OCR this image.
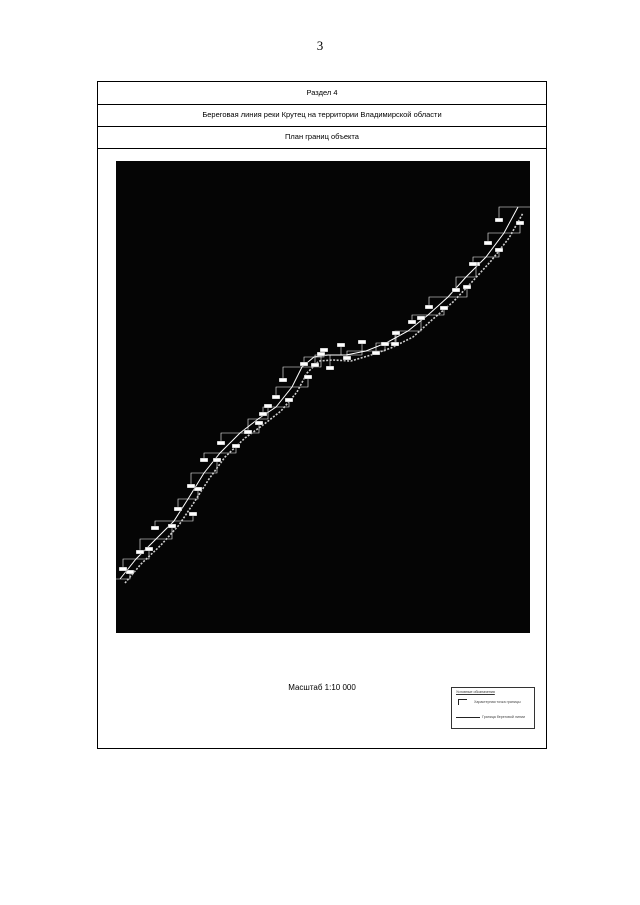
3
Раздел 4
Береговая линия реки Крутец на территории Владимирской области
План границ объекта
Масштаб 1:10 000	Условные обозначения
Характерная точка границы
Граница береговой линии
